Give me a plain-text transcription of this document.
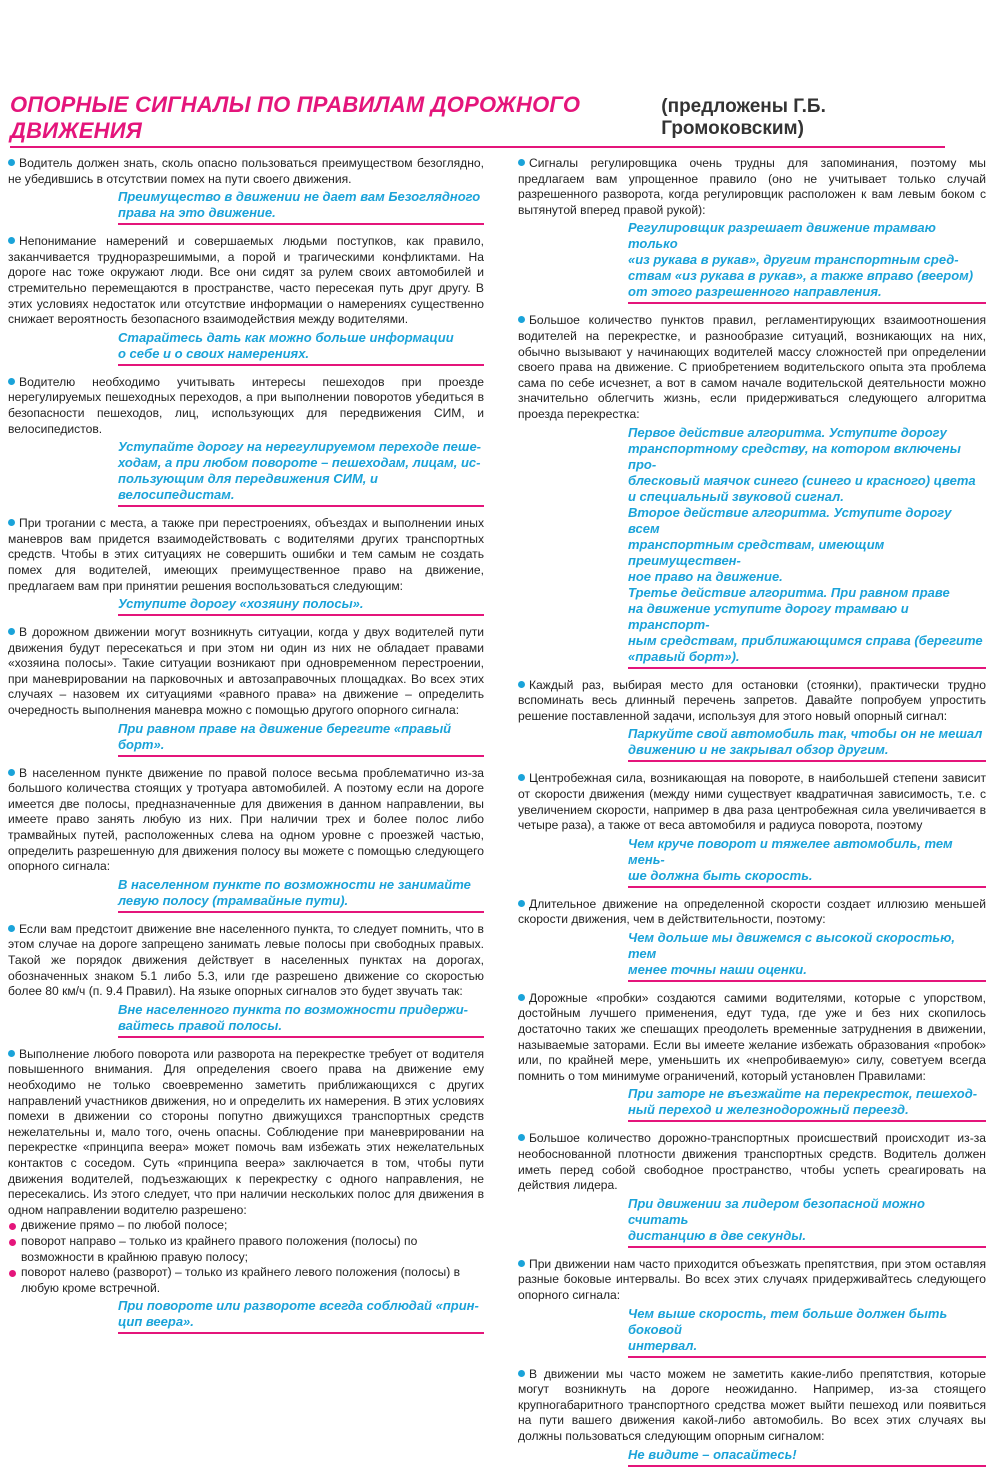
ОПОРНЫЕ СИГНАЛЫ ПО ПРАВИЛАМ ДОРОЖНОГО ДВИЖЕНИЯ
(предложены Г.Б. Громоковским)

Водитель должен знать, сколь опасно пользоваться преимуществом безоглядно, не убедившись в отсутствии помех на пути своего движения.

Преимущество в движении не дает вам Безоглядного
права на это движение.

Непонимание намерений и совершаемых людьми поступков, как правило, заканчивается трудноразрешимыми, а порой и трагическими конфликтами. На дороге нас тоже окружают люди. Все они сидят за рулем своих автомобилей и стремительно перемещаются в пространстве, часто пересекая путь друг другу. В этих условиях недостаток или отсутствие информации о намерениях существенно снижает вероятность безопасного взаимодействия между водителями.

Старайтесь дать как можно больше информации
о себе и о своих намерениях.

Водителю необходимо учитывать интересы пешеходов при проезде нерегулируемых пешеходных переходов, а при выполнении поворотов убедиться в безопасности пешеходов, лиц, использующих для передвижения СИМ, и велосипедистов.

Уступайте дорогу на нерегулируемом переходе пеше-
ходам, а при любом повороте – пешеходам, лицам, ис-
пользующим для передвижения СИМ, и велосипедистам.

При трогании с места, а также при перестроениях, объездах и выполнении иных маневров вам придется взаимодействовать с водителями других транспортных средств. Чтобы в этих ситуациях не совершить ошибки и тем самым не создать помех для водителей, имеющих преимущественное право на движение, предлагаем вам при принятии решения воспользоваться следующим:

Уступите дорогу «хозяину полосы».

В дорожном движении могут возникнуть ситуации, когда у двух водителей пути движения будут пересекаться и при этом ни один из них не обладает правами «хозяина полосы». Такие ситуации возникают при одновременном перестроении, при маневрировании на парковочных и автозаправочных площадках. Во всех этих случаях – назовем их ситуациями «равного права» на движение – определить очередность выполнения маневра можно с помощью другого опорного сигнала:

При равном праве на движение берегите «правый
борт».

В населенном пункте движение по правой полосе весьма проблематично из-за большого количества стоящих у тротуара автомобилей. А поэтому если на дороге имеется две полосы, предназначенные для движения в данном направлении, вы имеете право занять любую из них. При наличии трех и более полос либо трамвайных путей, расположенных слева на одном уровне с проезжей частью, определить разрешенную для движения полосу вы можете с помощью следующего опорного сигнала:

В населенном пункте по возможности не занимайте
левую полосу (трамвайные пути).

Если вам предстоит движение вне населенного пункта, то следует помнить, что в этом случае на дороге запрещено занимать левые полосы при свободных правых. Такой же порядок движения действует в населенных пунктах на дорогах, обозначенных знаком 5.1 либо 5.3, или где разрешено движение со скоростью более 80 км/ч (п. 9.4 Правил). На языке опорных сигналов это будет звучать так:

Вне населенного пункта по возможности придержи-
вайтесь правой полосы.

Выполнение любого поворота или разворота на перекрестке требует от водителя повышенного внимания. Для определения своего права на движение ему необходимо не только своевременно заметить приближающихся с других направлений участников движения, но и определить их намерения. В этих условиях помехи в движении со стороны попутно движущихся транспортных средств нежелательны и, мало того, очень опасны. Соблюдение при маневрировании на перекрестке «принципа веера» может помочь вам избежать этих нежелательных контактов с соседом. Суть «принципа веера» заключается в том, чтобы пути движения водителей, подъезжающих к перекрестку с одного направления, не пересекались. Из этого следует, что при наличии нескольких полос для движения в одном направлении водителю разрешено:

движение прямо – по любой полосе;
поворот направо – только из крайнего правого положения (полосы) по возможности в крайнюю правую полосу;
поворот налево (разворот) – только из крайнего левого положения (полосы) в любую кроме встречной.
При повороте или развороте всегда соблюдай «прин-
цип веера».

Сигналы регулировщика очень трудны для запоминания, поэтому мы предлагаем вам упрощенное правило (оно не учитывает только случай разрешенного разворота, когда регулировщик расположен к вам левым боком с вытянутой вперед правой рукой):

Регулировщик разрешает движение трамваю только
«из рукава в рукав», другим транспортным сред-
ствам «из рукава в рукав», а также вправо (веером)
от этого разрешенного направления.

Большое количество пунктов правил, регламентирующих взаимоотношения водителей на перекрестке, и разнообразие ситуаций, возникающих на них, обычно вызывают у начинающих водителей массу сложностей при определении своего права на движение. С приобретением водительского опыта эта проблема сама по себе исчезнет, а вот в самом начале водительской деятельности можно значительно облегчить жизнь, если придерживаться следующего алгоритма проезда перекрестка:

Первое действие алгоритма. Уступите дорогу
транспортному средству, на котором включены про-
блесковый маячок синего (синего и красного) цвета
и специальный звуковой сигнал.
Второе действие алгоритма. Уступите дорогу всем
транспортным средствам, имеющим преимуществен-
ное право на движение.
Третье действие алгоритма. При равном праве
на движение уступите дорогу трамваю и транспорт-
ным средствам, приближающимся справа (берегите
«правый борт»).

Каждый раз, выбирая место для остановки (стоянки), практически трудно вспоминать весь длинный перечень запретов. Давайте попробуем упростить решение поставленной задачи, используя для этого новый опорный сигнал:

Паркуйте свой автомобиль так, чтобы он не мешал
движению и не закрывал обзор другим.

Центробежная сила, возникающая на повороте, в наибольшей степени зависит от скорости движения (между ними существует квадратичная зависимость, т.е. с увеличением скорости, например в два раза центробежная сила увеличивается в четыре раза), а также от веса автомобиля и радиуса поворота, поэтому

Чем круче поворот и тяжелее автомобиль, тем мень-
ше должна быть скорость.

Длительное движение на определенной скорости создает иллюзию меньшей скорости движения, чем в действительности, поэтому:

Чем дольше мы движемся с высокой скоростью, тем
менее точны наши оценки.

Дорожные «пробки» создаются самими водителями, которые с упорством, достойным лучшего применения, едут туда, где уже и без них скопилось достаточно таких же спешащих преодолеть временные затруднения в движении, называемые заторами. Если вы имеете желание избежать образования «пробок» или, по крайней мере, уменьшить их «непробиваемую» силу, советуем всегда помнить о том минимуме ограничений, который установлен Правилами:

При заторе не въезжайте на перекресток, пешеход-
ный переход и железнодорожный переезд.

Большое количество дорожно-транспортных происшествий происходит из-за необоснованной плотности движения транспортных средств. Водитель должен иметь перед собой свободное пространство, чтобы успеть среагировать на действия лидера.

При движении за лидером безопасной можно считать
дистанцию в две секунды.

При движении нам часто приходится объезжать препятствия, при этом оставляя разные боковые интервалы. Во всех этих случаях придерживайтесь следующего опорного сигнала:

Чем выше скорость, тем больше должен быть боковой
интервал.

В движении мы часто можем не заметить какие-либо препятствия, которые могут возникнуть на дороге неожиданно. Например, из-за стоящего крупногабаритного транспортного средства может выйти пешеход или появиться на пути вашего движения какой-либо автомобиль. Во всех этих случаях вы должны пользоваться следующим опорным сигналом:

Не видите – опасайтесь!
